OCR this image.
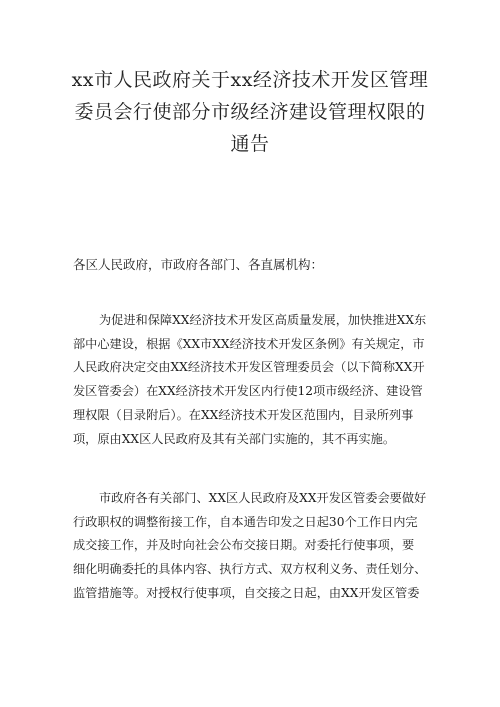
xx市人民政府关于xx经济技术开发区管理
委员会行使部分市级经济建设管理权限的
通告
各区人民政府，市政府各部门、各直属机构：
为促进和保障XX经济技术开发区高质量发展，加快推进XX东
部中心建设，根据《XX市XX经济技术开发区条例》有关规定，市
人民政府决定交由XX经济技术开发区管理委员会（以下简称XX开
发区管委会）在XX经济技术开发区内行使12项市级经济、建设管
理权限（目录附后）。在XX经济技术开发区范围内，目录所列事
项，原由XX区人民政府及其有关部门实施的，其不再实施。
市政府各有关部门、XX区人民政府及XX开发区管委会要做好
行政职权的调整衔接工作，自本通告印发之日起30个工作日内完
成交接工作，并及时向社会公布交接日期。对委托行使事项，要
细化明确委托的具体内容、执行方式、双方权利义务、责任划分、
监管措施等。对授权行使事项，自交接之日起，由XX开发区管委
